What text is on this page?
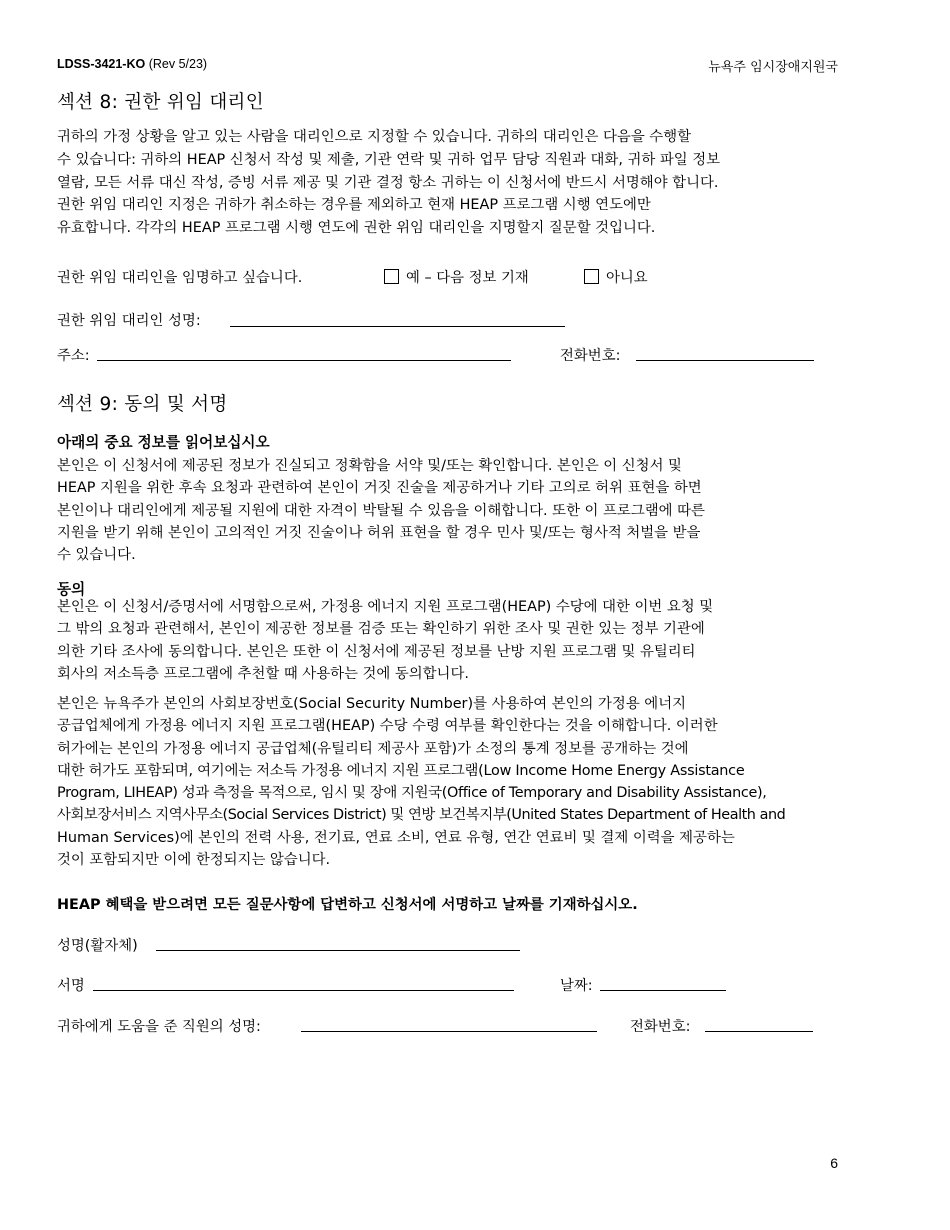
LDSS-3421-KO (Rev 5/23)	뉴욕주 임시장애지원국
섹션 8: 권한 위임 대리인

귀하의 가정 상황을 알고 있는 사람을 대리인으로 지정할 수 있습니다. 귀하의 대리인은 다음을 수행할
수 있습니다: 귀하의 HEAP 신청서 작성 및 제출, 기관 연락 및 귀하 업무 담당 직원과 대화, 귀하 파일 정보
열람, 모든 서류 대신 작성, 증빙 서류 제공 및 기관 결정 항소 귀하는 이 신청서에 반드시 서명해야 합니다.
권한 위임 대리인 지정은 귀하가 취소하는 경우를 제외하고 현재 HEAP 프로그램 시행 연도에만
유효합니다. 각각의 HEAP 프로그램 시행 연도에 권한 위임 대리인을 지명할지 질문할 것입니다.

권한 위임 대리인을 임명하고 싶습니다.	예 – 다음 정보 기재	아니요
권한 위임 대리인 성명:
주소:	전화번호:
섹션 9: 동의 및 서명
아래의 중요 정보를 읽어보십시오

본인은 이 신청서에 제공된 정보가 진실되고 정확함을 서약 및/또는 확인합니다. 본인은 이 신청서 및
HEAP 지원을 위한 후속 요청과 관련하여 본인이 거짓 진술을 제공하거나 기타 고의로 허위 표현을 하면
본인이나 대리인에게 제공될 지원에 대한 자격이 박탈될 수 있음을 이해합니다. 또한 이 프로그램에 따른
지원을 받기 위해 본인이 고의적인 거짓 진술이나 허위 표현을 할 경우 민사 및/또는 형사적 처벌을 받을
수 있습니다.

동의

본인은 이 신청서/증명서에 서명함으로써, 가정용 에너지 지원 프로그램(HEAP) 수당에 대한 이번 요청 및
그 밖의 요청과 관련해서, 본인이 제공한 정보를 검증 또는 확인하기 위한 조사 및 권한 있는 정부 기관에
의한 기타 조사에 동의합니다. 본인은 또한 이 신청서에 제공된 정보를 난방 지원 프로그램 및 유틸리티
회사의 저소득층 프로그램에 추천할 때 사용하는 것에 동의합니다.

본인은 뉴욕주가 본인의 사회보장번호(Social Security Number)를 사용하여 본인의 가정용 에너지
공급업체에게 가정용 에너지 지원 프로그램(HEAP) 수당 수령 여부를 확인한다는 것을 이해합니다. 이러한
허가에는 본인의 가정용 에너지 공급업체(유틸리티 제공사 포함)가 소정의 통계 정보를 공개하는 것에
대한 허가도 포함되며, 여기에는 저소득 가정용 에너지 지원 프로그램(Low Income Home Energy Assistance
Program, LIHEAP) 성과 측정을 목적으로, 임시 및 장애 지원국(Office of Temporary and Disability Assistance),
사회보장서비스 지역사무소(Social Services District) 및 연방 보건복지부(United States Department of Health and
Human Services)에 본인의 전력 사용, 전기료, 연료 소비, 연료 유형, 연간 연료비 및 결제 이력을 제공하는
것이 포함되지만 이에 한정되지는 않습니다.

HEAP 혜택을 받으려면 모든 질문사항에 답변하고 신청서에 서명하고 날짜를 기재하십시오.
성명(활자체)
서명	날짜:
귀하에게 도움을 준 직원의 성명:	전화번호:
6
